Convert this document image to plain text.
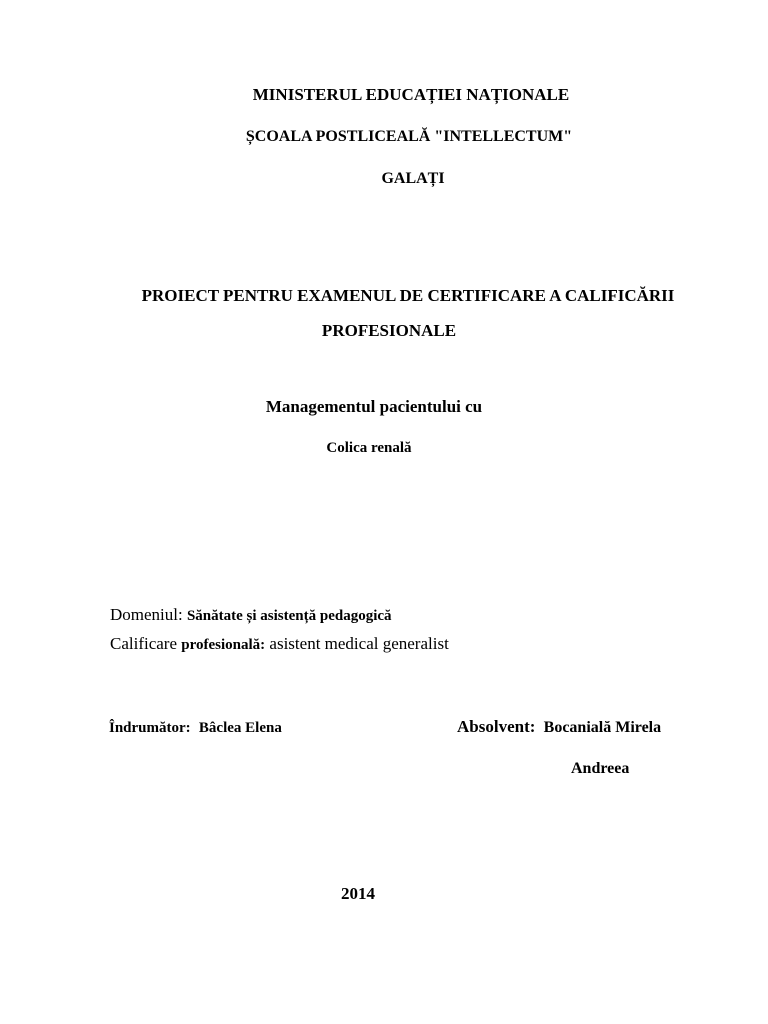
MINISTERUL EDUCAȚIEI NAȚIONALE
ȘCOALA POSTLICEALĂ "INTELLECTUM"
GALAȚI
PROIECT PENTRU EXAMENUL DE CERTIFICARE A CALIFICĂRII
PROFESIONALE
Managementul pacientului cu
Colica renală
Domeniul: Sănătate și asistență pedagogică
Calificare profesională: asistent medical generalist
Îndrumător: Bâclea Elena	Absolvent: Bocanială Mirela
Andreea
2014
